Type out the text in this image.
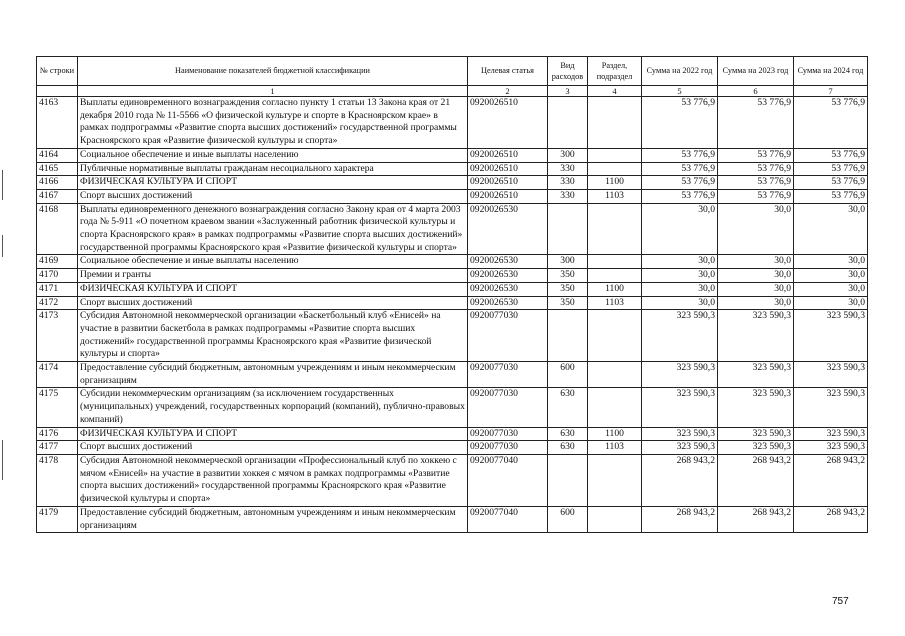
№ строки	Наименование показателей бюджетной классификации	Целевая статья	Вид расходов	Раздел, подраздел	Сумма на 2022 год	Сумма на 2023 год	Сумма на 2024 год
	1	2	3	4	5	6	7
4163	Выплаты единовременного вознаграждения согласно пункту 1 статьи 13 Закона края от 21 декабря 2010 года № 11-5566 «О физической культуре и спорте в Красноярском крае» в рамках подпрограммы «Развитие спорта высших достижений» государственной программы Красноярского края «Развитие физической культуры и спорта»	0920026510			53 776,9	53 776,9	53 776,9
4164	Социальное обеспечение и иные выплаты населению	0920026510	300		53 776,9	53 776,9	53 776,9
4165	Публичные нормативные выплаты гражданам несоциального характера	0920026510	330		53 776,9	53 776,9	53 776,9
4166	ФИЗИЧЕСКАЯ КУЛЬТУРА И СПОРТ	0920026510	330	1100	53 776,9	53 776,9	53 776,9
4167	Спорт высших достижений	0920026510	330	1103	53 776,9	53 776,9	53 776,9
4168	Выплаты единовременного денежного вознаграждения согласно Закону края от 4 марта 2003 года № 5-911 «О почетном краевом звании «Заслуженный работник физической культуры и спорта Красноярского края» в рамках подпрограммы «Развитие спорта высших достижений» государственной программы Красноярского края «Развитие физической культуры и спорта»	0920026530			30,0	30,0	30,0
4169	Социальное обеспечение и иные выплаты населению	0920026530	300		30,0	30,0	30,0
4170	Премии и гранты	0920026530	350		30,0	30,0	30,0
4171	ФИЗИЧЕСКАЯ КУЛЬТУРА И СПОРТ	0920026530	350	1100	30,0	30,0	30,0
4172	Спорт высших достижений	0920026530	350	1103	30,0	30,0	30,0
4173	Субсидия Автономной некоммерческой организации «Баскетбольный клуб «Енисей» на участие в развитии баскетбола в рамках подпрограммы «Развитие спорта высших достижений» государственной программы Красноярского края «Развитие физической культуры и спорта»	0920077030			323 590,3	323 590,3	323 590,3
4174	Предоставление субсидий бюджетным, автономным учреждениям и иным некоммерческим организациям	0920077030	600		323 590,3	323 590,3	323 590,3
4175	Субсидии некоммерческим организациям (за исключением государственных (муниципальных) учреждений, государственных корпораций (компаний), публично-правовых компаний)	0920077030	630		323 590,3	323 590,3	323 590,3
4176	ФИЗИЧЕСКАЯ КУЛЬТУРА И СПОРТ	0920077030	630	1100	323 590,3	323 590,3	323 590,3
4177	Спорт высших достижений	0920077030	630	1103	323 590,3	323 590,3	323 590,3
4178	Субсидия Автономной некоммерческой организации «Профессиональный клуб по хоккею с мячом «Енисей» на участие в развитии хоккея с мячом в рамках подпрограммы «Развитие спорта высших достижений» государственной программы Красноярского края «Развитие физической культуры и спорта»	0920077040			268 943,2	268 943,2	268 943,2
4179	Предоставление субсидий бюджетным, автономным учреждениям и иным некоммерческим организациям	0920077040	600		268 943,2	268 943,2	268 943,2
757
